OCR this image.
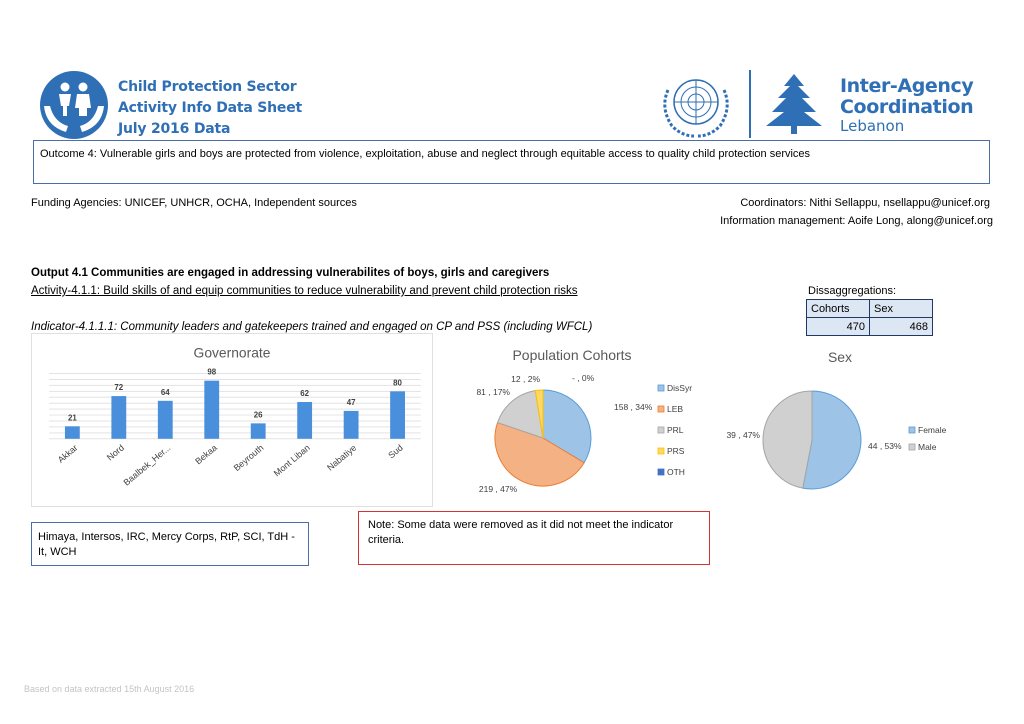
Child Protection Sector
Activity Info Data Sheet
July 2016 Data
Inter-Agency
Coordination
Lebanon
Outcome 4: Vulnerable girls and boys are protected from violence, exploitation, abuse and neglect through equitable access to quality child protection services
Funding Agencies: UNICEF, UNHCR, OCHA, Independent sources	Coordinators: Nithi Sellappu, nsellappu@unicef.org
Information management: Aoife Long, along@unicef.org
Output 4.1 Communities are engaged in addressing vulnerabilites of boys, girls and caregivers
Activity-4.1.1: Build skills of and equip communities to reduce vulnerability and prevent child protection risks
Indicator-4.1.1.1: Community leaders and gatekeepers trained and engaged on CP and PSS (including WFCL)
Dissaggregations:
Cohorts	Sex
470	468
Governorate
21
Akkar
72
Nord
64
Baalbek_Her...
98
Bekaa
26
Beyrouth
62
Mont Liban
47
Nabatiye
80
Sud
Population Cohorts
158 , 34%
219 , 47%
81 , 17%
12 , 2%	- , 0%
DisSyr
LEB
PRL
PRS
OTH
Sex
44 , 53%
39 , 47%	Female
Male
Himaya, Intersos, IRC, Mercy Corps, RtP, SCI, TdH - It, WCH
Note: Some data were removed as it did not meet the indicator criteria.
Based on data extracted 15th August 2016
